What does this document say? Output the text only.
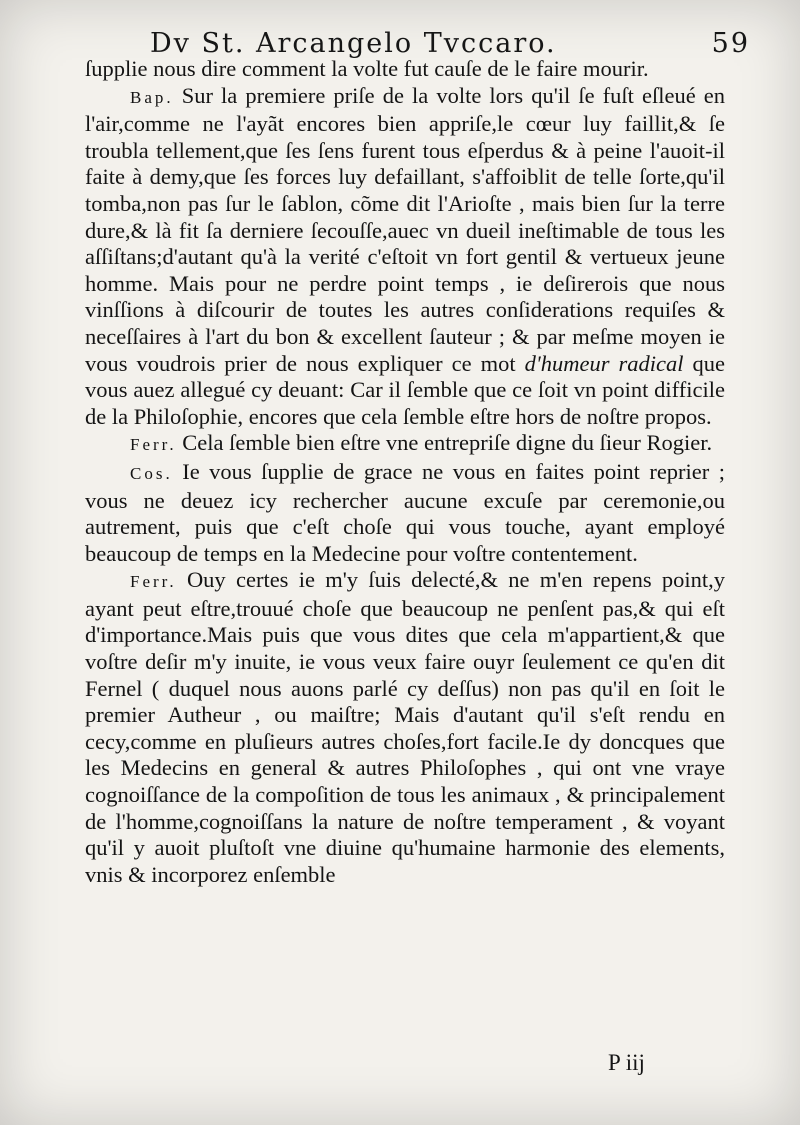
Dv St. Arcangelo Tvccaro.	59

ſupplie nous dire comment la volte fut cauſe de le faire mourir.

Bap. Sur la premiere priſe de la volte lors qu'il ſe fuſt eſleué en l'air,comme ne l'ayãt encores bien appriſe,le cœur luy faillit,& ſe troubla tellement,que ſes ſens furent tous eſperdus & à peine l'auoit-il faite à demy,que ſes forces luy defaillant, s'affoiblit de telle ſorte,qu'il tomba,non pas ſur le ſablon, cõme dit l'Arioſte , mais bien ſur la terre dure,& là fit ſa derniere ſecouſſe,auec vn dueil ineſtimable de tous les aſſiſtans;d'autant qu'à la verité c'eſtoit vn fort gentil & vertueux jeune homme. Mais pour ne perdre point temps , ie deſirerois que nous vinſſions à diſcourir de toutes les autres conſiderations requiſes & neceſſaires à l'art du bon & excellent ſauteur ; & par meſme moyen ie vous voudrois prier de nous expliquer ce mot d'humeur radical que vous auez allegué cy deuant: Car il ſemble que ce ſoit vn point difficile de la Philoſophie, encores que cela ſemble eſtre hors de noſtre propos.

Ferr. Cela ſemble bien eſtre vne entrepriſe digne du ſieur Rogier.

Cos. Ie vous ſupplie de grace ne vous en faites point reprier ; vous ne deuez icy rechercher aucune excuſe par ceremonie,ou autrement, puis que c'eſt choſe qui vous touche, ayant employé beaucoup de temps en la Medecine pour voſtre contentement.

Ferr. Ouy certes ie m'y ſuis delecté,& ne m'en repens point,y ayant peut eſtre,trouué choſe que beaucoup ne penſent pas,& qui eſt d'importance.Mais puis que vous dites que cela m'appartient,& que voſtre deſir m'y inuite, ie vous veux faire ouyr ſeulement ce qu'en dit Fernel ( duquel nous auons parlé cy deſſus) non pas qu'il en ſoit le premier Autheur , ou maiſtre; Mais d'autant qu'il s'eſt rendu en cecy,comme en pluſieurs autres choſes,fort facile.Ie dy doncques que les Medecins en general & autres Philoſophes , qui ont vne vraye cognoiſſance de la compoſition de tous les animaux , & principalement de l'homme,cognoiſſans la nature de noſtre temperament , & voyant qu'il y auoit pluſtoſt vne diuine qu'humaine harmonie des elements, vnis & incorporez enſemble

P iij
